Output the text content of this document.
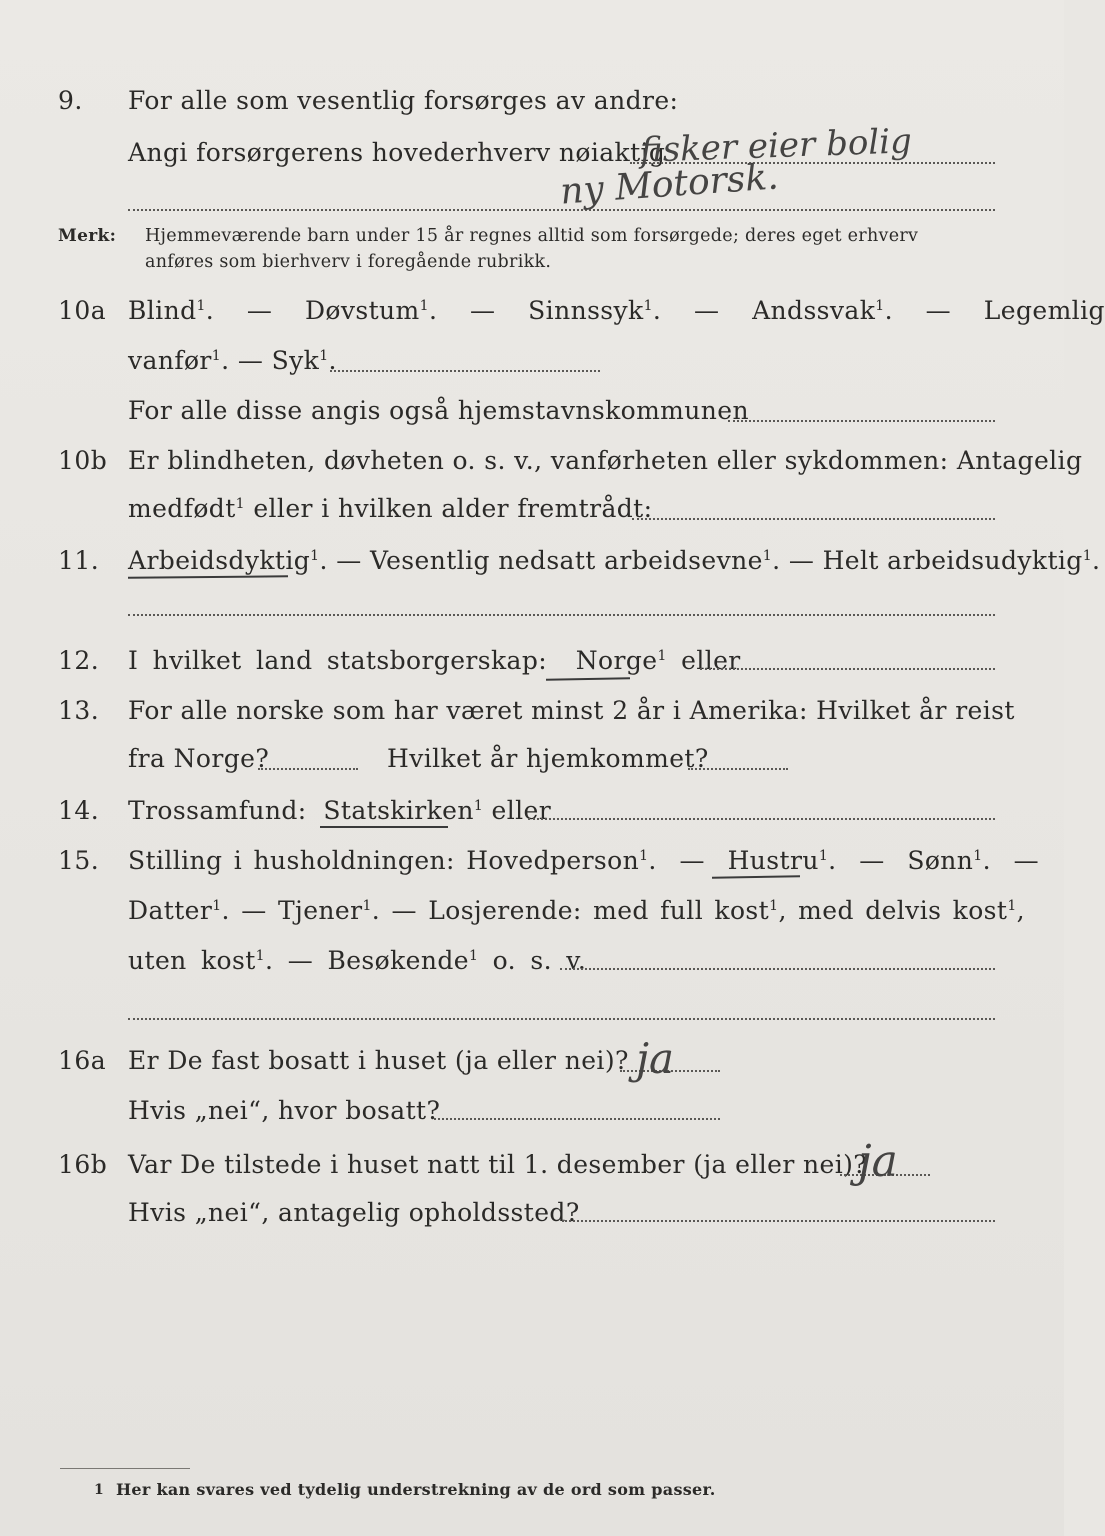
9. For alle som vesentlig forsørges av andre:
Angi forsørgerens hovederhverv nøiaktig
fisker eier bolig
ny Motorsk.
Merk: Hjemmeværende barn under 15 år regnes alltid som forsørgede; deres eget erhverv
anføres som bierhverv i foregående rubrikk.
10a Blind$^1$. — Døvstum$^1$. — Sinnssyk$^1$. — Andssvak$^1$. — Legemlig
vanfør$^1$. — Syk$^1$.
For alle disse angis også hjemstavnskommunen
10b Er blindheten, døvheten o. s. v., vanførheten eller sykdommen: Antagelig
medfødt$^1$ eller i hvilken alder fremtrådt:
11. Arbeidsdyktig$^1$. — Vesentlig nedsatt arbeidsevne$^1$. — Helt arbeidsudyktig$^1$.
12. I hvilket land statsborgerskap: Norge$^1$ eller
13. For alle norske som har været minst 2 år i Amerika: Hvilket år reist
fra Norge?	Hvilket år hjemkommet?
14. Trossamfund: Statskirken$^1$ eller
15. Stilling i husholdningen: Hovedperson$^1$. — Hustru$^1$. — Sønn$^1$. —
Datter$^1$. — Tjener$^1$. — Losjerende: med full kost$^1$, med delvis kost$^1$,
uten kost$^1$. — Besøkende$^1$ o. s. v.
16a Er De fast bosatt i huset (ja eller nei)? ja
Hvis „nei“, hvor bosatt?
16b Var De tilstede i huset natt til 1. desember (ja eller nei)?
ja
Hvis „nei“, antagelig opholdssted?
1 Her kan svares ved tydelig understrekning av de ord som passer.
